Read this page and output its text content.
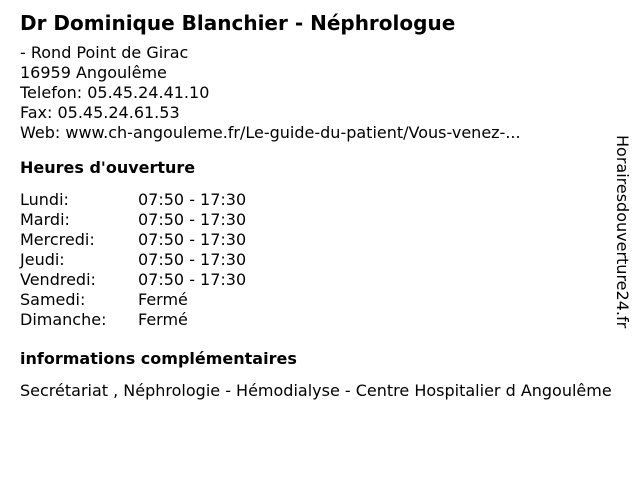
Dr Dominique Blanchier - Néphrologue
- Rond Point de Girac
16959 Angoulême
Telefon: 05.45.24.41.10
Fax: 05.45.24.61.53
Web: www.ch-angouleme.fr/Le-guide-du-patient/Vous-venez-...
Heures d'ouverture
Lundi:	07:50 - 17:30
Mardi:	07:50 - 17:30
Mercredi:	07:50 - 17:30
Jeudi:	07:50 - 17:30
Vendredi:	07:50 - 17:30
Samedi:	Fermé
Dimanche:	Fermé
informations complémentaires
Secrétariat , Néphrologie - Hémodialyse - Centre Hospitalier d Angoulême
Horairesdouverture24.fr
